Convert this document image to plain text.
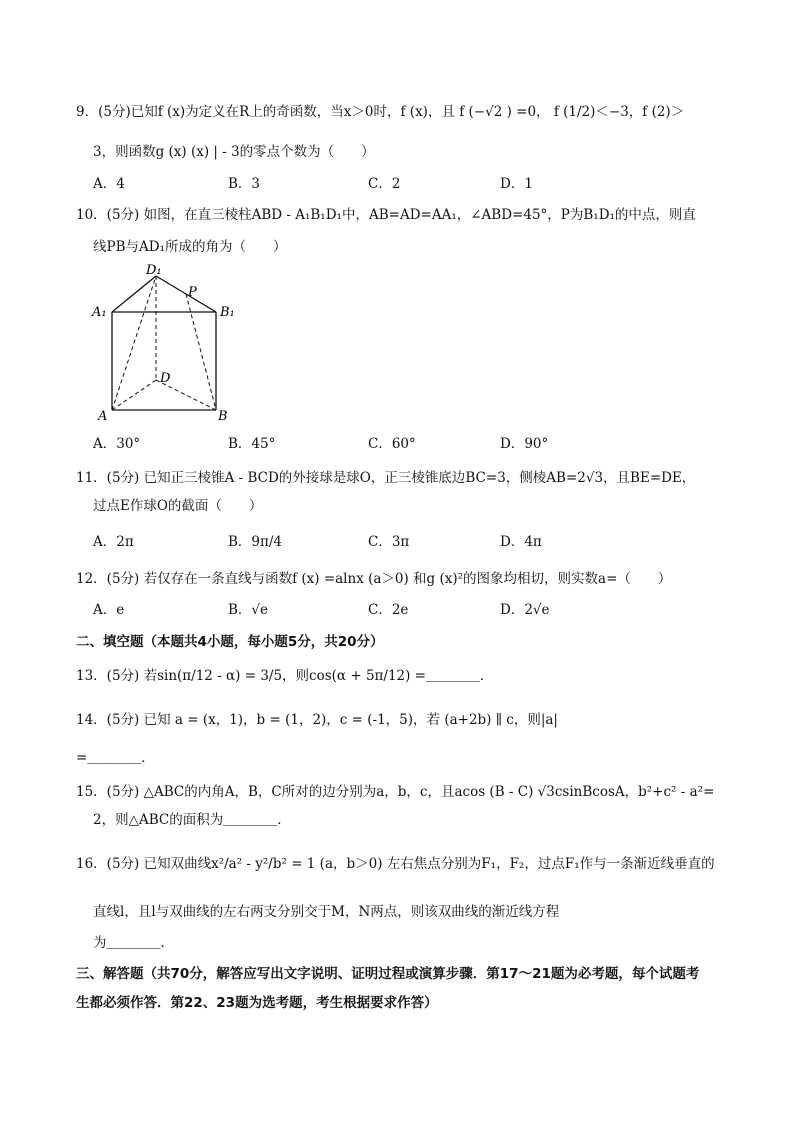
9．(5分)已知f (x)为定义在R上的奇函数，当x＞0时，f (x)，且 f (−√2 ) =0， f (1/2)＜−3，f (2)＞
3，则函数g (x) (x) | - 3的零点个数为（　　）
A．4	B．3	C．2	D．1
10．(5分) 如图，在直三棱柱ABD - A₁B₁D₁中，AB=AD=AA₁，∠ABD=45°，P为B₁D₁的中点，则直
线PB与AD₁所成的角为（　　）
D₁
P
A₁	B₁
D
A	B
A．30°	B．45°	C．60°	D．90°
11．(5分) 已知正三棱锥A - BCD的外接球是球O，正三棱锥底边BC=3，侧棱AB=2√3，且BE=DE，
过点E作球O的截面（　　）
A．2π	B．9π/4	C．3π	D．4π
12．(5分) 若仅存在一条直线与函数f (x) =alnx (a＞0) 和g (x)²的图象均相切，则实数a=（　　）
A．e	B．√e	C．2e	D．2√e
二、填空题（本题共4小题，每小题5分，共20分）
13．(5分) 若sin(π/12 - α) = 3/5，则cos(α + 5π/12) =＿＿＿＿．
14．(5分) 已知 a = (x，1)，b = (1，2)，c = (-1，5)，若 (a+2b) ∥ c，则|a|
=＿＿＿＿．
15．(5分) △ABC的内角A，B，C所对的边分别为a，b，c，且acos (B - C) √3csinBcosA，b²+c² - a²=
2，则△ABC的面积为＿＿＿＿．
16．(5分) 已知双曲线x²/a² - y²/b² = 1 (a，b＞0) 左右焦点分别为F₁，F₂，过点F₁作与一条渐近线垂直的
直线l，且l与双曲线的左右两支分别交于M，N两点，则该双曲线的渐近线方程
为＿＿＿＿．
三、解答题（共70分，解答应写出文字说明、证明过程或演算步骤．第17～21题为必考题，每个试题考
生都必须作答．第22、23题为选考题，考生根据要求作答）
